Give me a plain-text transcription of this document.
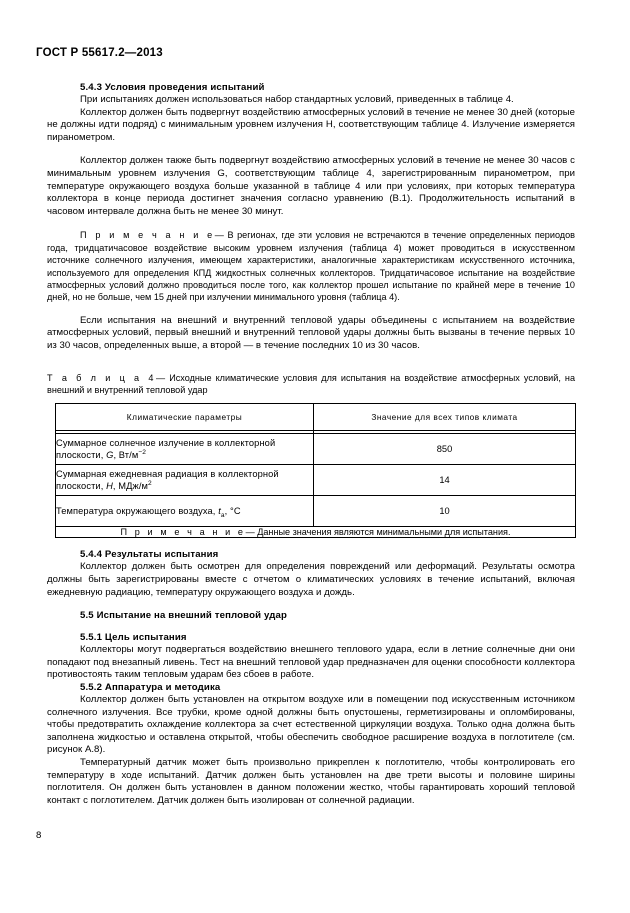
ГОСТ Р 55617.2—2013
5.4.3 Условия проведения испытаний

При испытаниях должен использоваться набор стандартных условий, приведенных в таблице 4.

Коллектор должен быть подвергнут воздействию атмосферных условий в течение не менее 30 дней (которые не должны идти подряд) с минимальным уровнем излучения H, соответствующим таблице 4. Излучение измеряется пиранометром.

Коллектор должен также быть подвергнут воздействию атмосферных условий в течение не менее 30 часов с минимальным уровнем излучения G, соответствующим таблице 4, зарегистрированным пиранометром, при температуре окружающего воздуха больше указанной в таблице 4 или при условиях, при которых температура коллектора в конце периода достигнет значения согласно уравнению (В.1). Продолжительность испытаний в часовом интервале должна быть не менее 30 минут.

П р и м е ч а н и е— В регионах, где эти условия не встречаются в течение определенных периодов года, тридцатичасовое воздействие высоким уровнем излучения (таблица 4) может проводиться в искусственном источнике солнечного излучения, имеющем характеристики, аналогичные характеристикам искусственного источника, используемого для определения КПД жидкостных солнечных коллекторов. Тридцатичасовое испытание на воздействие атмосферных условий должно проводиться после того, как коллектор прошел испытание по крайней мере в течение 10 дней, но не больше, чем 15 дней при излучении минимального уровня (таблица 4).

Если испытания на внешний и внутренний тепловой удары объединены с испытанием на воздействие атмосферных условий, первый внешний и внутренний тепловой удары должны быть вызваны в течение первых 10 из 30 часов, определенных выше, а второй — в течение последних 10 из 30 часов.

Т а б л и ц а 4— Исходные климатические условия для испытания на воздействие атмосферных условий, на внешний и внутренний тепловой удар

Климатические параметры	Значение для всех типов климата

Суммарное солнечное излучение в коллекторной
плоскости, G, $Вт/м^{-2}$	850
Суммарная ежедневная радиация в коллекторной
плоскости, H, МДж/$м^2$	14
Температура окружающего воздуха, $t_a$, °С	10
П р и м е ч а н и е— Данные значения являются минимальными для испытания.	
5.4.4 Результаты испытания

Коллектор должен быть осмотрен для определения повреждений или деформаций. Результаты осмотра должны быть зарегистрированы вместе с отчетом о климатических условиях в течение испытаний, включая ежедневную радиацию, температуру окружающего воздуха и дождь.

5.5 Испытание на внешний тепловой удар
5.5.1 Цель испытания

Коллекторы могут подвергаться воздействию внешнего теплового удара, если в летние солнечные дни они попадают под внезапный ливень. Тест на внешний тепловой удар предназначен для оценки способности коллектора противостоять таким тепловым ударам без сбоев в работе.

5.5.2 Аппаратура и методика

Коллектор должен быть установлен на открытом воздухе или в помещении под искусственным источником солнечного излучения. Все трубки, кроме одной должны быть опустошены, герметизированы и опломбированы, чтобы предотвратить охлаждение коллектора за счет естественной циркуляции воздуха. Только одна должна быть заполнена жидкостью и оставлена открытой, чтобы обеспечить свободное расширение воздуха в поглотителе (см. рисунок А.8).

Температурный датчик может быть произвольно прикреплен к поглотителю, чтобы контролировать его температуру в ходе испытаний. Датчик должен быть установлен на две трети высоты и половине ширины поглотителя. Он должен быть установлен в данном положении жестко, чтобы гарантировать хороший тепловой контакт с поглотителем. Датчик должен быть изолирован от солнечной радиации.

8
